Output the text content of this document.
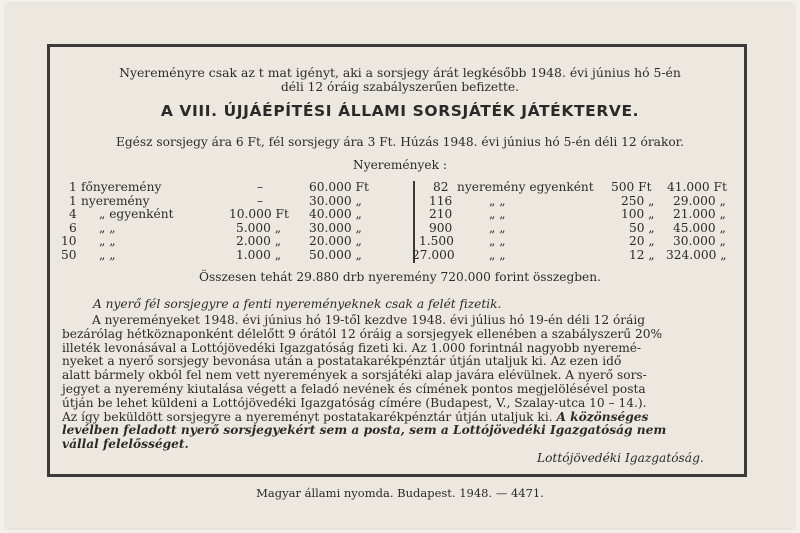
Nyereményre csak az t mat igényt, aki a sorsjegy árát legkésőbb 1948. évi június hó 5-én
déli 12 óráig szabályszerűen befizette.
A VIII. ÚJJÁÉPÍTÉSI ÁLLAMI SORSJÁTÉK JÁTÉKTERVE.
Egész sorsjegy ára 6 Ft, fél sorsjegy ára 3 Ft. Húzás 1948. évi június hó 5-én déli 12 órakor.
Nyeremények :
1 főnyeremény	–	60.000 Ft	82 nyeremény egyenként 500 Ft 41.000 Ft
1 nyeremény	–	30.000 „	116	„ „	250 „ 29.000 „
4 „ egyenként	10.000 Ft 40.000 „	210	„ „	100 „ 21.000 „
6 „ „	5.000 „ 30.000 „	900	„ „	50 „ 45.000 „
10 „ „	2.000 „ 20.000 „	1.500	„ „	20 „ 30.000 „
50 „ „	1.000 „ 50.000 „	27.000	„ „	12 „ 324.000 „
Összesen tehát 29.880 drb nyeremény 720.000 forint összegben.
A nyerő fél sorsjegyre a fenti nyereményeknek csak a felét fizetik.
A nyereményeket 1948. évi június hó 19-től kezdve 1948. évi július hó 19-én déli 12 óráig
bezárólag hétköznaponként délelőtt 9 órától 12 óráig a sorsjegyek ellenében a szabályszerű 20%
illeték levonásával a Lottójövedéki Igazgatóság fizeti ki. Az 1.000 forintnál nagyobb nyeremé-
nyeket a nyerő sorsjegy bevonása után a postatakarékpénztár útján utaljuk ki. Az ezen idő
alatt bármely okból fel nem vett nyeremények a sorsjátéki alap javára elévülnek. A nyerő sors-
jegyet a nyeremény kiutalása végett a feladó nevének és címének pontos megjelölésével posta
útján be lehet küldeni a Lottójövedéki Igazgatóság címére (Budapest, V., Szalay-utca 10 – 14.).
Az így beküldött sorsjegyre a nyereményt postatakarékpénztár útján utaljuk ki. A közönséges
levélben feladott nyerő sorsjegyekért sem a posta, sem a Lottójövedéki Igazgatóság nem
vállal felelősséget.
Lottójövedéki Igazgatóság.
Magyar állami nyomda. Budapest. 1948. — 4471.
